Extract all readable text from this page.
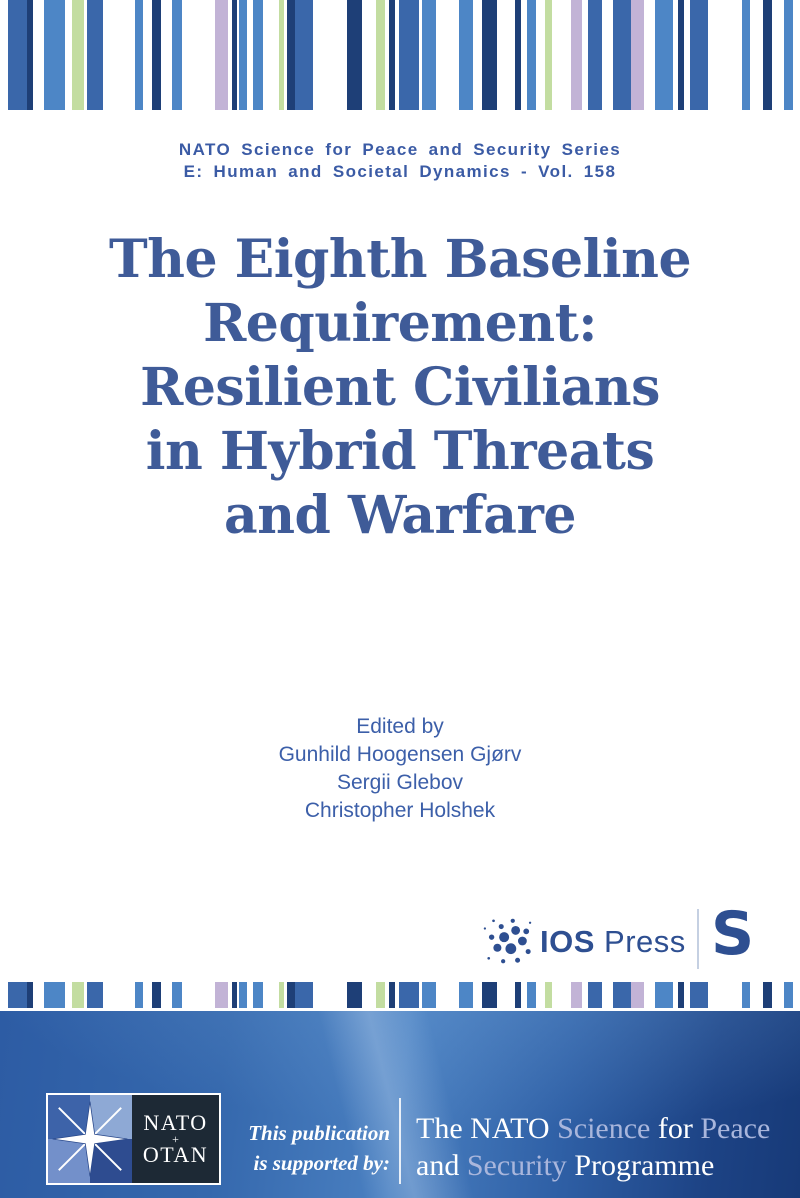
NATO Science for Peace and Security Series
E: Human and Societal Dynamics - Vol. 158
The Eighth Baseline
Requirement:
Resilient Civilians
in Hybrid Threats
and Warfare
Edited by
Gunhild Hoogensen Gjørv
Sergii Glebov
Christopher Holshek
IOS Press S
NATO
+
OTAN
This publication
is supported by:
The NATO Science for Peace
and Security Programme
